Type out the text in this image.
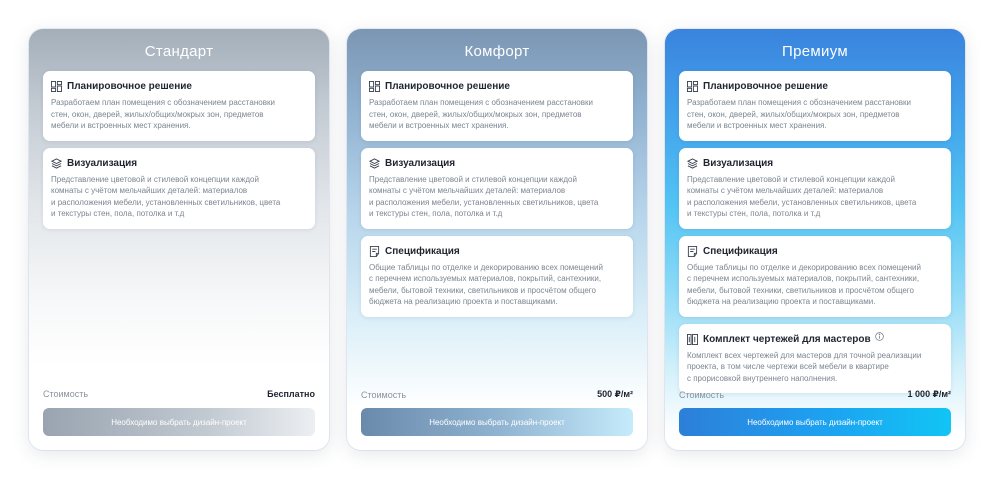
Стандарт
Планировочное решение
Разработаем план помещения с обозначением расстановки
стен, окон, дверей, жилых/общих/мокрых зон, предметов
мебели и встроенных мест хранения.
Визуализация
Представление цветовой и стилевой концепции каждой
комнаты с учётом мельчайших деталей: материалов
и расположения мебели, установленных светильников, цвета
и текстуры стен, пола, потолка и т.д
Стоимость	Бесплатно
Необходимо выбрать дизайн-проект
Комфорт
Планировочное решение
Разработаем план помещения с обозначением расстановки
стен, окон, дверей, жилых/общих/мокрых зон, предметов
мебели и встроенных мест хранения.
Визуализация
Представление цветовой и стилевой концепции каждой
комнаты с учётом мельчайших деталей: материалов
и расположения мебели, установленных светильников, цвета
и текстуры стен, пола, потолка и т.д
Спецификация
Общие таблицы по отделке и декорированию всех помещений
с перечнем используемых материалов, покрытий, сантехники,
мебели, бытовой техники, светильников и просчётом общего
бюджета на реализацию проекта и поставщиками.
Стоимость	500 ₽/м²
Необходимо выбрать дизайн-проект
Премиум
Планировочное решение
Разработаем план помещения с обозначением расстановки
стен, окон, дверей, жилых/общих/мокрых зон, предметов
мебели и встроенных мест хранения.
Визуализация
Представление цветовой и стилевой концепции каждой
комнаты с учётом мельчайших деталей: материалов
и расположения мебели, установленных светильников, цвета
и текстуры стен, пола, потолка и т.д
Спецификация
Общие таблицы по отделке и декорированию всех помещений
с перечнем используемых материалов, покрытий, сантехники,
мебели, бытовой техники, светильников и просчётом общего
бюджета на реализацию проекта и поставщиками.
Комплект чертежей для мастеров
Комплект всех чертежей для мастеров для точной реализации
проекта, в том числе чертежи всей мебели в квартире
с прорисовкой внутреннего наполнения.
Стоимость	1 000 ₽/м²
Необходимо выбрать дизайн-проект
